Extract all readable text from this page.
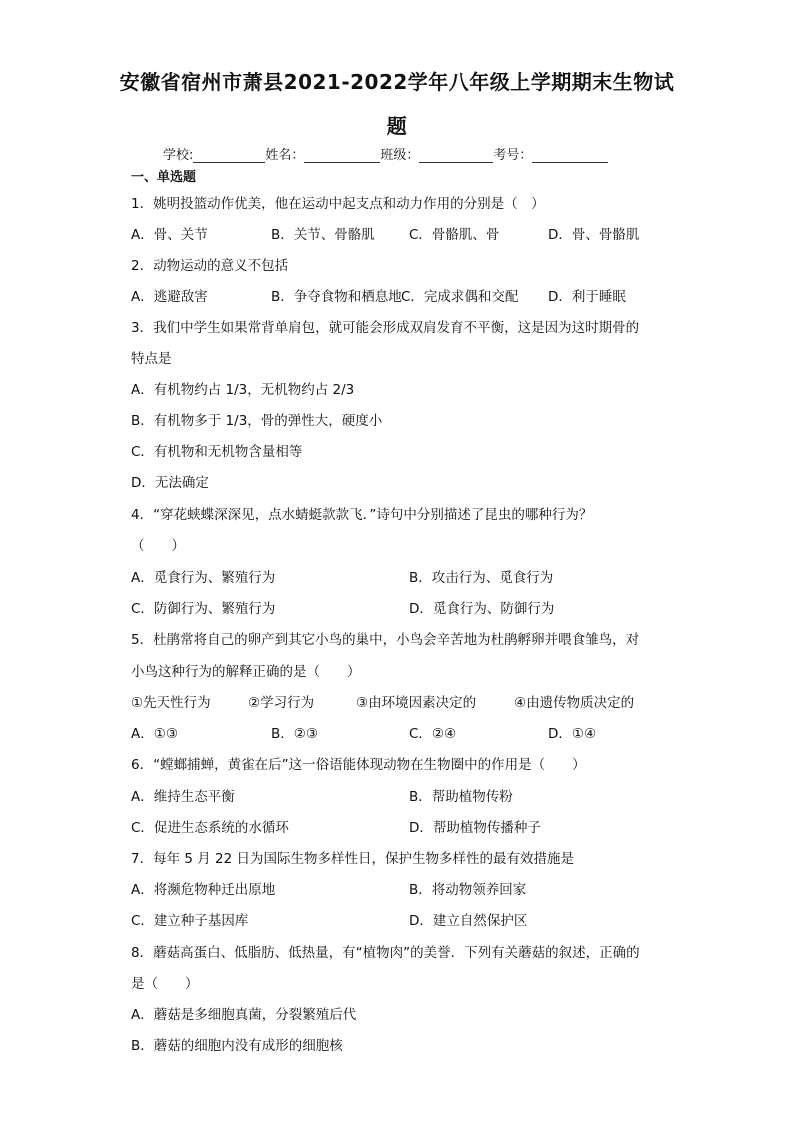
安徽省宿州市萧县2021-2022学年八年级上学期期末生物试
题
学校:	姓名：	班级：	考号：
一、单选题
1．姚明投篮动作优美，他在运动中起支点和动力作用的分别是（　）
A．骨、关节	B．关节、骨骼肌	C．骨骼肌、骨	D．骨、骨骼肌
2．动物运动的意义不包括
A．逃避敌害	B．争夺食物和栖息地 C．完成求偶和交配 D．利于睡眠
3．我们中学生如果常背单肩包，就可能会形成双肩发育不平衡，这是因为这时期骨的
特点是
A．有机物约占 1/3，无机物约占 2/3
B．有机物多于 1/3，骨的弹性大，硬度小
C．有机物和无机物含量相等
D．无法确定
4．“穿花蛱蝶深深见，点水蜻蜓款款飞．”诗句中分别描述了昆虫的哪种行为？
（　　）
A．觅食行为、繁殖行为	B．攻击行为、觅食行为
C．防御行为、繁殖行为	D．觅食行为、防御行为
5．杜鹃常将自己的卵产到其它小鸟的巢中，小鸟会辛苦地为杜鹃孵卵并喂食雏鸟，对
小鸟这种行为的解释正确的是（　　）
①先天性行为	②学习行为	③由环境因素决定的	④由遗传物质决定的
A．①③	B．②③	C．②④	D．①④
6．“螳螂捕蝉，黄雀在后”这一俗语能体现动物在生物圈中的作用是（　　）
A．维持生态平衡	B．帮助植物传粉
C．促进生态系统的水循环	D．帮助植物传播种子
7．每年 5 月 22 日为国际生物多样性日，保护生物多样性的最有效措施是
A．将濒危物种迁出原地	B．将动物领养回家
C．建立种子基因库	D．建立自然保护区
8．蘑菇高蛋白、低脂肪、低热量，有“植物肉”的美誉．下列有关蘑菇的叙述，正确的
是（　　）
A．蘑菇是多细胞真菌，分裂繁殖后代
B．蘑菇的细胞内没有成形的细胞核
